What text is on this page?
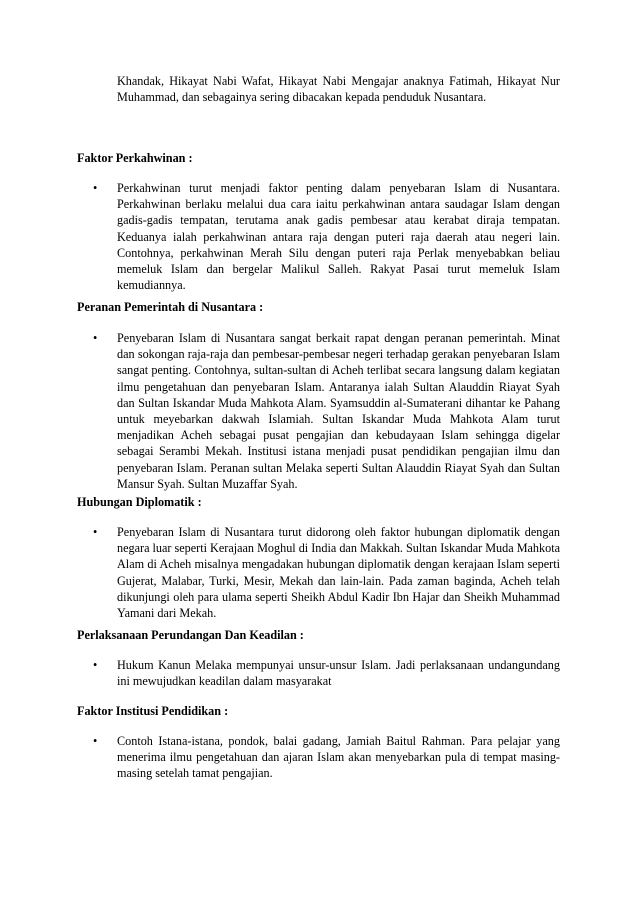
Khandak, Hikayat Nabi Wafat, Hikayat Nabi Mengajar anaknya Fatimah, Hikayat Nur Muhammad, dan sebagainya sering dibacakan kepada penduduk Nusantara.

Faktor Perkahwinan :

• Perkahwinan turut menjadi faktor penting dalam penyebaran Islam di Nusantara. Perkahwinan berlaku melalui dua cara iaitu perkahwinan antara saudagar Islam dengan gadis-gadis tempatan, terutama anak gadis pembesar atau kerabat diraja tempatan. Keduanya ialah perkahwinan antara raja dengan puteri raja daerah atau negeri lain. Contohnya, perkahwinan Merah Silu dengan puteri raja Perlak menyebabkan beliau memeluk Islam dan bergelar Malikul Salleh. Rakyat Pasai turut memeluk Islam kemudiannya.

Peranan Pemerintah di Nusantara :

• Penyebaran Islam di Nusantara sangat berkait rapat dengan peranan pemerintah. Minat dan sokongan raja-raja dan pembesar-pembesar negeri terhadap gerakan penyebaran Islam sangat penting. Contohnya, sultan-sultan di Acheh terlibat secara langsung dalam kegiatan ilmu pengetahuan dan penyebaran Islam. Antaranya ialah Sultan Alauddin Riayat Syah dan Sultan Iskandar Muda Mahkota Alam. Syamsuddin al-Sumaterani dihantar ke Pahang untuk meyebarkan dakwah Islamiah. Sultan Iskandar Muda Mahkota Alam turut menjadikan Acheh sebagai pusat pengajian dan kebudayaan Islam sehingga digelar sebagai Serambi Mekah. Institusi istana menjadi pusat pendidikan pengajian ilmu dan penyebaran Islam. Peranan sultan Melaka seperti Sultan Alauddin Riayat Syah dan Sultan Mansur Syah. Sultan Muzaffar Syah.

Hubungan Diplomatik :

• Penyebaran Islam di Nusantara turut didorong oleh faktor hubungan diplomatik dengan negara luar seperti Kerajaan Moghul di India dan Makkah. Sultan Iskandar Muda Mahkota Alam di Acheh misalnya mengadakan hubungan diplomatik dengan kerajaan Islam seperti Gujerat, Malabar, Turki, Mesir, Mekah dan lain-lain. Pada zaman baginda, Acheh telah dikunjungi oleh para ulama seperti Sheikh Abdul Kadir Ibn Hajar dan Sheikh Muhammad Yamani dari Mekah.

Perlaksanaan Perundangan Dan Keadilan :

• Hukum Kanun Melaka mempunyai unsur-unsur Islam. Jadi perlaksanaan undangundang ini mewujudkan keadilan dalam masyarakat

Faktor Institusi Pendidikan :

• Contoh Istana-istana, pondok, balai gadang, Jamiah Baitul Rahman. Para pelajar yang menerima ilmu pengetahuan dan ajaran Islam akan menyebarkan pula di tempat masing-masing setelah tamat pengajian.
